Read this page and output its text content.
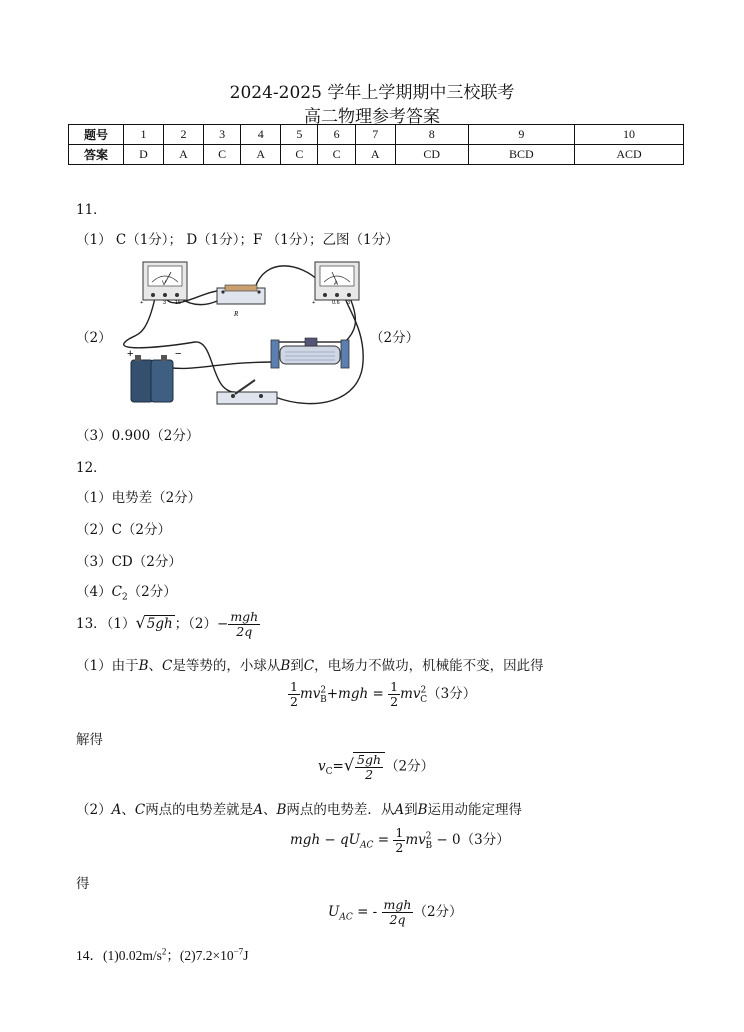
2024-2025 学年上学期期中三校联考
高二物理参考答案
题号	1	2	3	4	5	6	7	8	9	10
答案	D	A	C	A	C	C	A	CD	BCD	ACD
11．
（1） C（1分）； D（1分）；F （1分）；乙图（1分）
（2）	（2分）
V
+	3 15
R
A
+	0.6 3
+	−
（3）0.900（2分）
12．
（1）电势差（2分）
（2）C（2分）
（3）CD（2分）
$(4)C_2(2$分）
13．（1）√5gh ；$(2)- \frac{\text{mgh}}{2q}$
（1）由于B、C是等势的，小球从B到C，电场力不做功，机械能不变，因此得
$\frac{1}{2} mv^2_B+mgh = \frac{1}{2} mv^2_C(3$分）
解得
$v_C=√ \frac{5gh}{2} (2$分）
（2）A、C两点的电势差就是A、B两点的电势差．从A到B运用动能定理得
mgh − $qU_{AC} = \frac{1}{2} mv^2_B - 0(3$分）
得
$U_{AC}$ = - $\frac{\text{mgh}}{2q} (2$分）
14．$(1)0.02m/s^2$；$(2)7.2\times 10^{-7}J$
